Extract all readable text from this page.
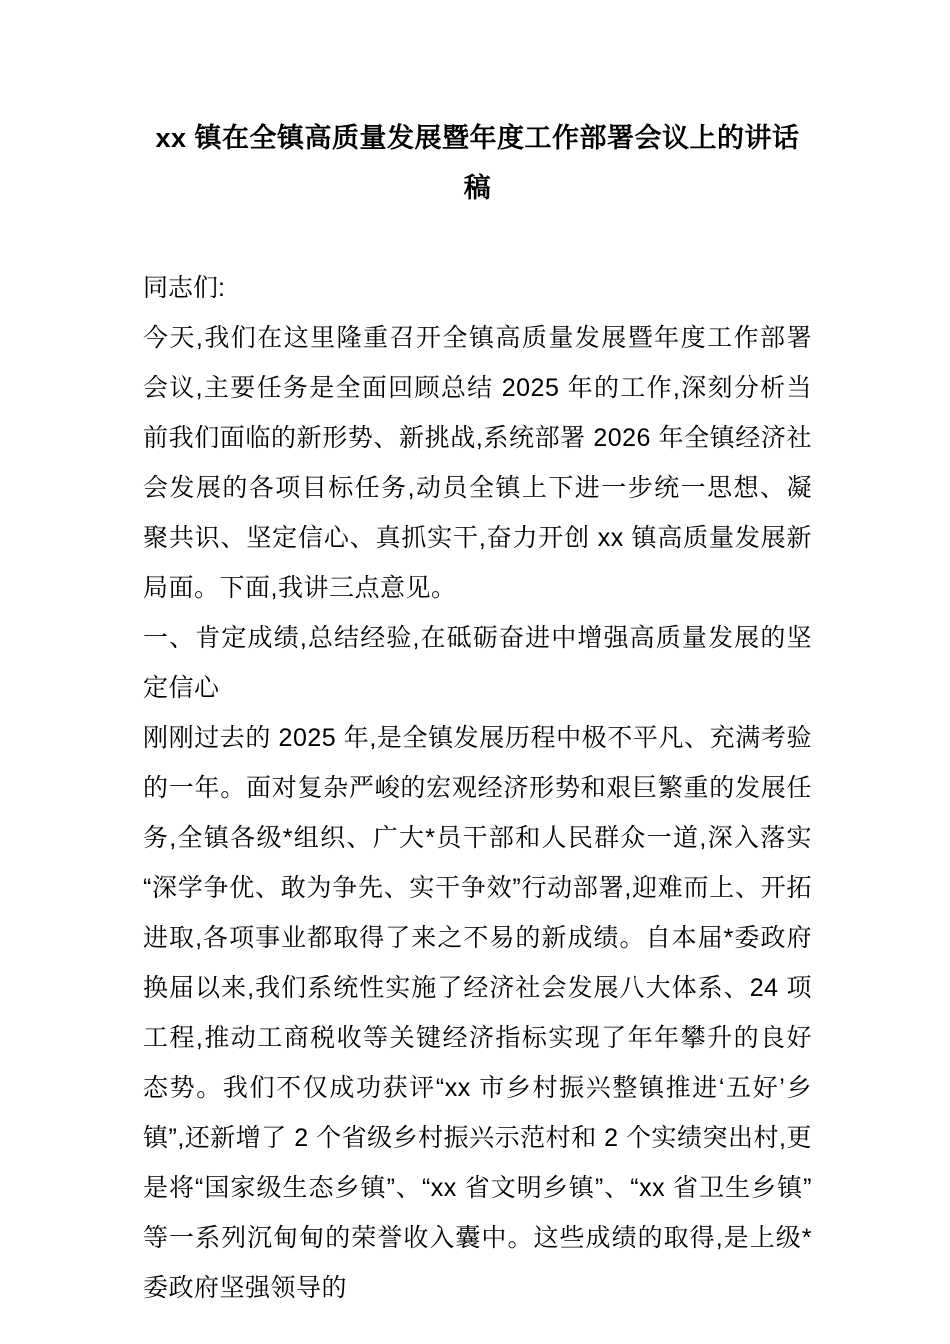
xx 镇在全镇高质量发展暨年度工作部署会议上的讲话稿

同志们:

今天,我们在这里隆重召开全镇高质量发展暨年度工作部署会议,主要任务是全面回顾总结 2025 年的工作,深刻分析当前我们面临的新形势、新挑战,系统部署 2026 年全镇经济社会发展的各项目标任务,动员全镇上下进一步统一思想、凝聚共识、坚定信心、真抓实干,奋力开创 xx 镇高质量发展新局面。下面,我讲三点意见。

一、肯定成绩,总结经验,在砥砺奋进中增强高质量发展的坚定信心

刚刚过去的 2025 年,是全镇发展历程中极不平凡、充满考验的一年。面对复杂严峻的宏观经济形势和艰巨繁重的发展任务,全镇各级*组织、广大*员干部和人民群众一道,深入落实“深学争优、敢为争先、实干争效”行动部署,迎难而上、开拓进取,各项事业都取得了来之不易的新成绩。自本届*委政府换届以来,我们系统性实施了经济社会发展八大体系、24 项工程,推动工商税收等关键经济指标实现了年年攀升的良好态势。我们不仅成功获评“xx 市乡村振兴整镇推进‘五好’乡镇”,还新增了 2 个省级乡村振兴示范村和 2 个实绩突出村,更是将“国家级生态乡镇”、“xx 省文明乡镇”、“xx 省卫生乡镇”等一系列沉甸甸的荣誉收入囊中。这些成绩的取得,是上级*委政府坚强领导的
